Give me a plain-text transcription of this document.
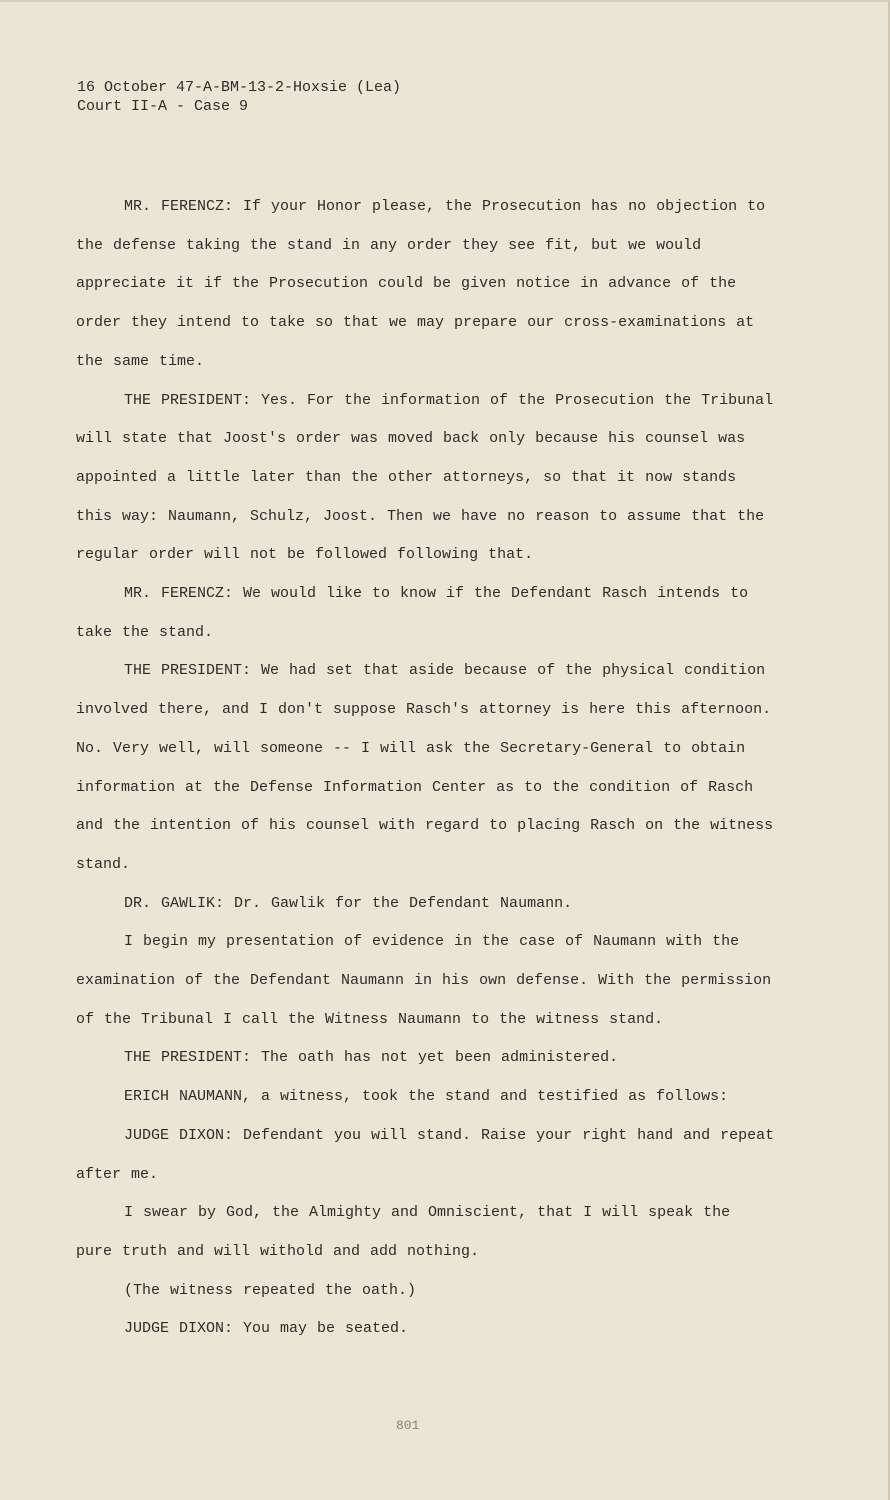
16 October 47-A-BM-13-2-Hoxsie (Lea)
Court II-A - Case 9

MR. FERENCZ: If your Honor please, the Prosecution has no objection to the defense taking the stand in any order they see fit, but we would appreciate it if the Prosecution could be given notice in advance of the order they intend to take so that we may prepare our cross-examinations at the same time.

THE PRESIDENT: Yes. For the information of the Prosecution the Tribunal will state that Joost's order was moved back only because his counsel was appointed a little later than the other attorneys, so that it now stands this way: Naumann, Schulz, Joost. Then we have no reason to assume that the regular order will not be followed following that.

MR. FERENCZ: We would like to know if the Defendant Rasch intends to take the stand.

THE PRESIDENT: We had set that aside because of the physical condition involved there, and I don't suppose Rasch's attorney is here this afternoon. No. Very well, will someone -- I will ask the Secretary-General to obtain information at the Defense Information Center as to the condition of Rasch and the intention of his counsel with regard to placing Rasch on the witness stand.

DR. GAWLIK: Dr. Gawlik for the Defendant Naumann.

I begin my presentation of evidence in the case of Naumann with the examination of the Defendant Naumann in his own defense. With the permission of the Tribunal I call the Witness Naumann to the witness stand.

THE PRESIDENT: The oath has not yet been administered.

ERICH NAUMANN, a witness, took the stand and testified as follows:

JUDGE DIXON: Defendant you will stand. Raise your right hand and repeat after me.

I swear by God, the Almighty and Omniscient, that I will speak the pure truth and will withold and add nothing.

(The witness repeated the oath.)

JUDGE DIXON: You may be seated.

801
